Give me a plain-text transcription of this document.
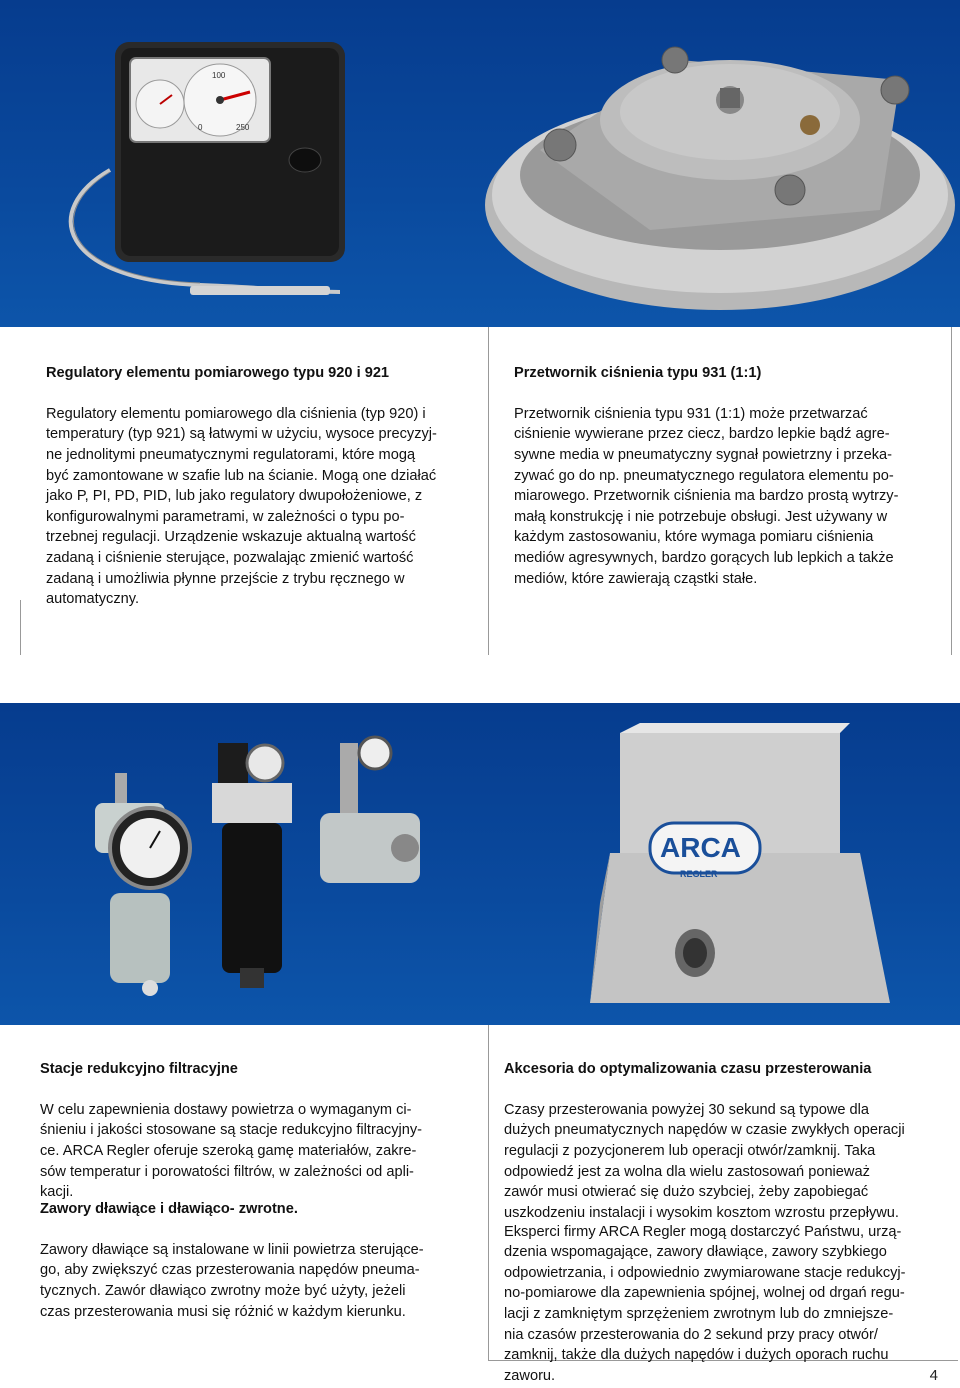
0
100
250

Regulatory elementu pomiarowego typu 920 i 921

Regulatory elementu pomiarowego dla ciśnienia (typ 920) i
temperatury (typ 921) są łatwymi w użyciu, wysoce precyzyj-
ne jednolitymi pneumatycznymi regulatorami, które mogą
być zamontowane w szafie lub na ścianie. Mogą one działać
jako P, PI, PD, PID, lub jako regulatory dwupołożeniowe, z
konfigurowalnymi parametrami, w zależności o typu po-
trzebnej regulacji. Urządzenie wskazuje aktualną wartość
zadaną i ciśnienie sterujące, pozwalając zmienić wartość
zadaną i umożliwia płynne przejście z trybu ręcznego w
automatyczny.

Przetwornik ciśnienia typu 931 (1:1)

Przetwornik ciśnienia typu 931 (1:1) może przetwarzać
ciśnienie wywierane przez ciecz, bardzo lepkie bądź agre-
sywne media w pneumatyczny sygnał powietrzny i przeka-
zywać go do np. pneumatycznego regulatora elementu po-
miarowego. Przetwornik ciśnienia ma bardzo prostą wytrzy-
małą konstrukcję i nie potrzebuje obsługi. Jest używany w
każdym zastosowaniu, które wymaga pomiaru ciśnienia
mediów agresywnych, bardzo gorących lub lepkich a także
mediów, które zawierają cząstki stałe.

ARCA
REGLER

Stacje redukcyjno filtracyjne

W celu zapewnienia dostawy powietrza o wymaganym ci-
śnieniu i jakości stosowane są stacje redukcyjno filtracyjny-
ce. ARCA Regler oferuje szeroką gamę materiałów, zakre-
sów temperatur i porowatości filtrów, w zależności od apli-
kacji.

Zawory dławiące i dławiąco- zwrotne.

Zawory dławiące są instalowane w linii powietrza sterujące-
go, aby zwiększyć czas przesterowania napędów pneuma-
tycznych. Zawór dławiąco zwrotny może być użyty, jeżeli
czas przesterowania musi się różnić w każdym kierunku.

Akcesoria do optymalizowania czasu przesterowania

Czasy przesterowania powyżej 30 sekund są typowe dla
dużych pneumatycznych napędów w czasie zwykłych operacji
regulacji z pozycjonerem lub operacji otwór/zamknij. Taka
odpowiedź jest za wolna dla wielu zastosowań ponieważ
zawór musi otwierać się dużo szybciej, żeby zapobiegać
uszkodzeniu instalacji i wysokim kosztom wzrostu przepływu.

Eksperci firmy ARCA Regler mogą dostarczyć Państwu, urzą-
dzenia wspomagające, zawory dławiące, zawory szybkiego
odpowietrzania, i odpowiednio zwymiarowane stacje redukcyj-
no-pomiarowe dla zapewnienia spójnej, wolnej od drgań regu-
lacji z zamkniętym sprzężeniem zwrotnym lub do zmniejsze-
nia czasów przesterowania do 2 sekund przy pracy otwór/
zamknij, także dla dużych napędów i dużych oporach ruchu
zaworu.	4
